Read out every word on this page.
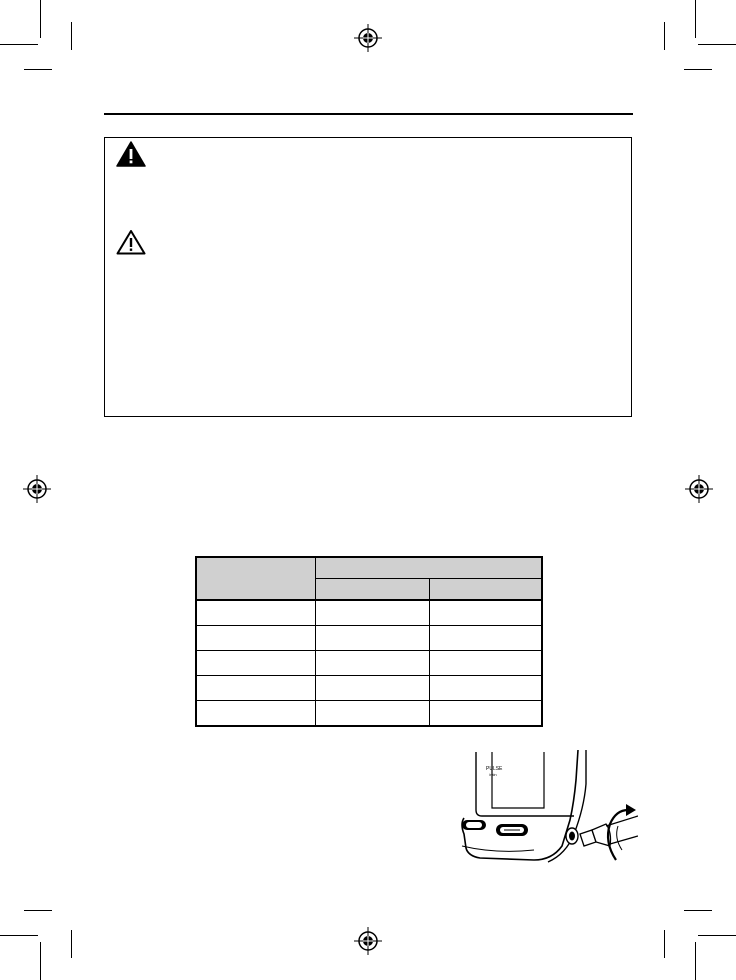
PULSE
/min
